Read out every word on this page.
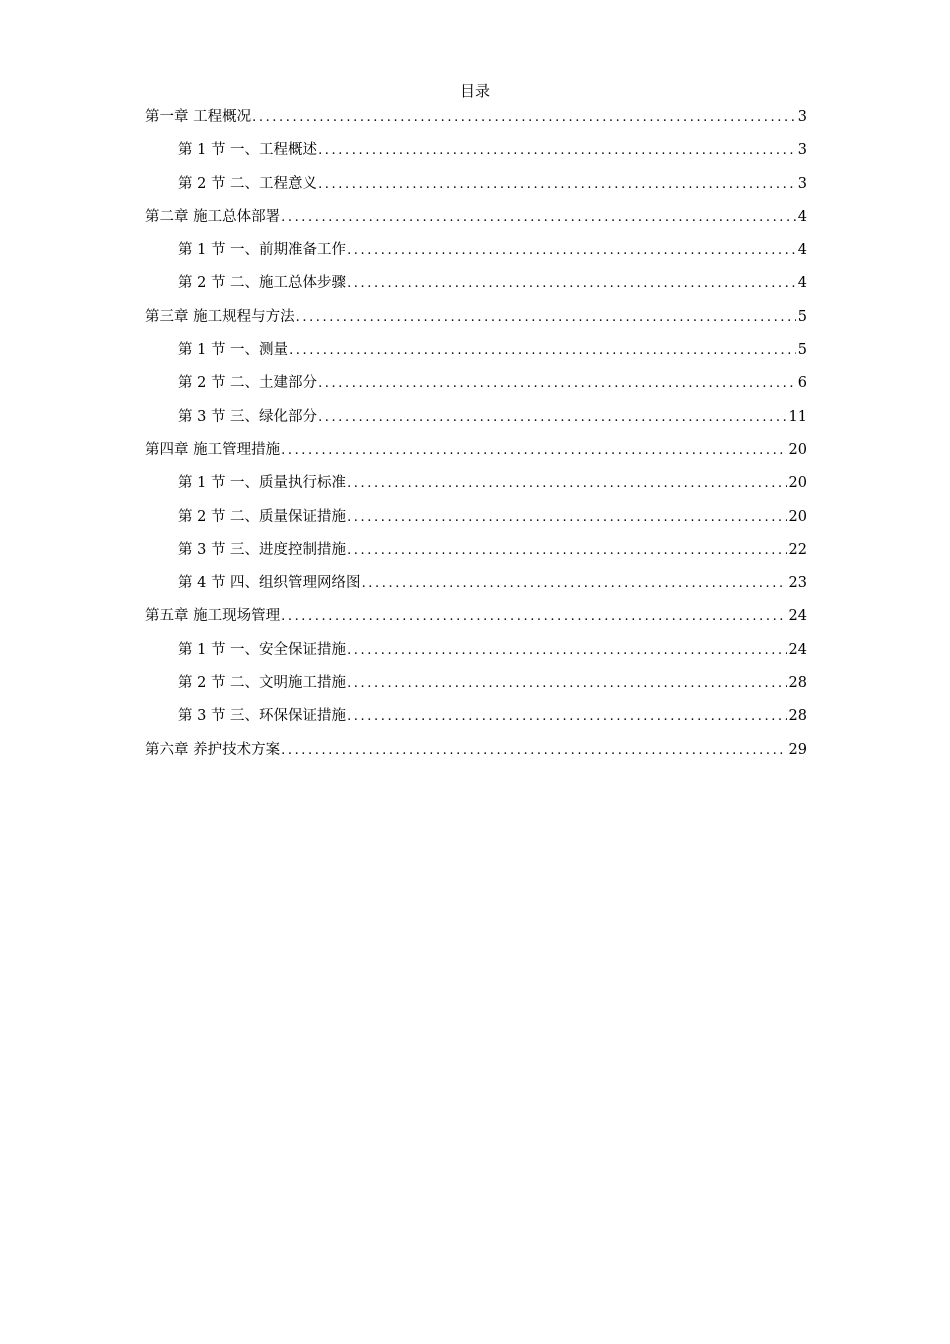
目录
第一章 工程概况 .....	3
第 1 节 一、工程概述 .....	3
第 2 节 二、工程意义 .....	3
第二章 施工总体部署 .....	4
第 1 节 一、前期准备工作 .....	4
第 2 节 二、施工总体步骤 .....	4
第三章 施工规程与方法 .....	5
第 1 节 一、测量 .....	5
第 2 节 二、土建部分 .....	6
第 3 节 三、绿化部分 .....	11
第四章 施工管理措施 .....	20
第 1 节 一、质量执行标准 .....	20
第 2 节 二、质量保证措施 .....	20
第 3 节 三、进度控制措施 .....	22
第 4 节 四、组织管理网络图 .....	23
第五章 施工现场管理 .....	24
第 1 节 一、安全保证措施 .....	24
第 2 节 二、文明施工措施 .....	28
第 3 节 三、环保保证措施 .....	28
第六章 养护技术方案 .....	29
